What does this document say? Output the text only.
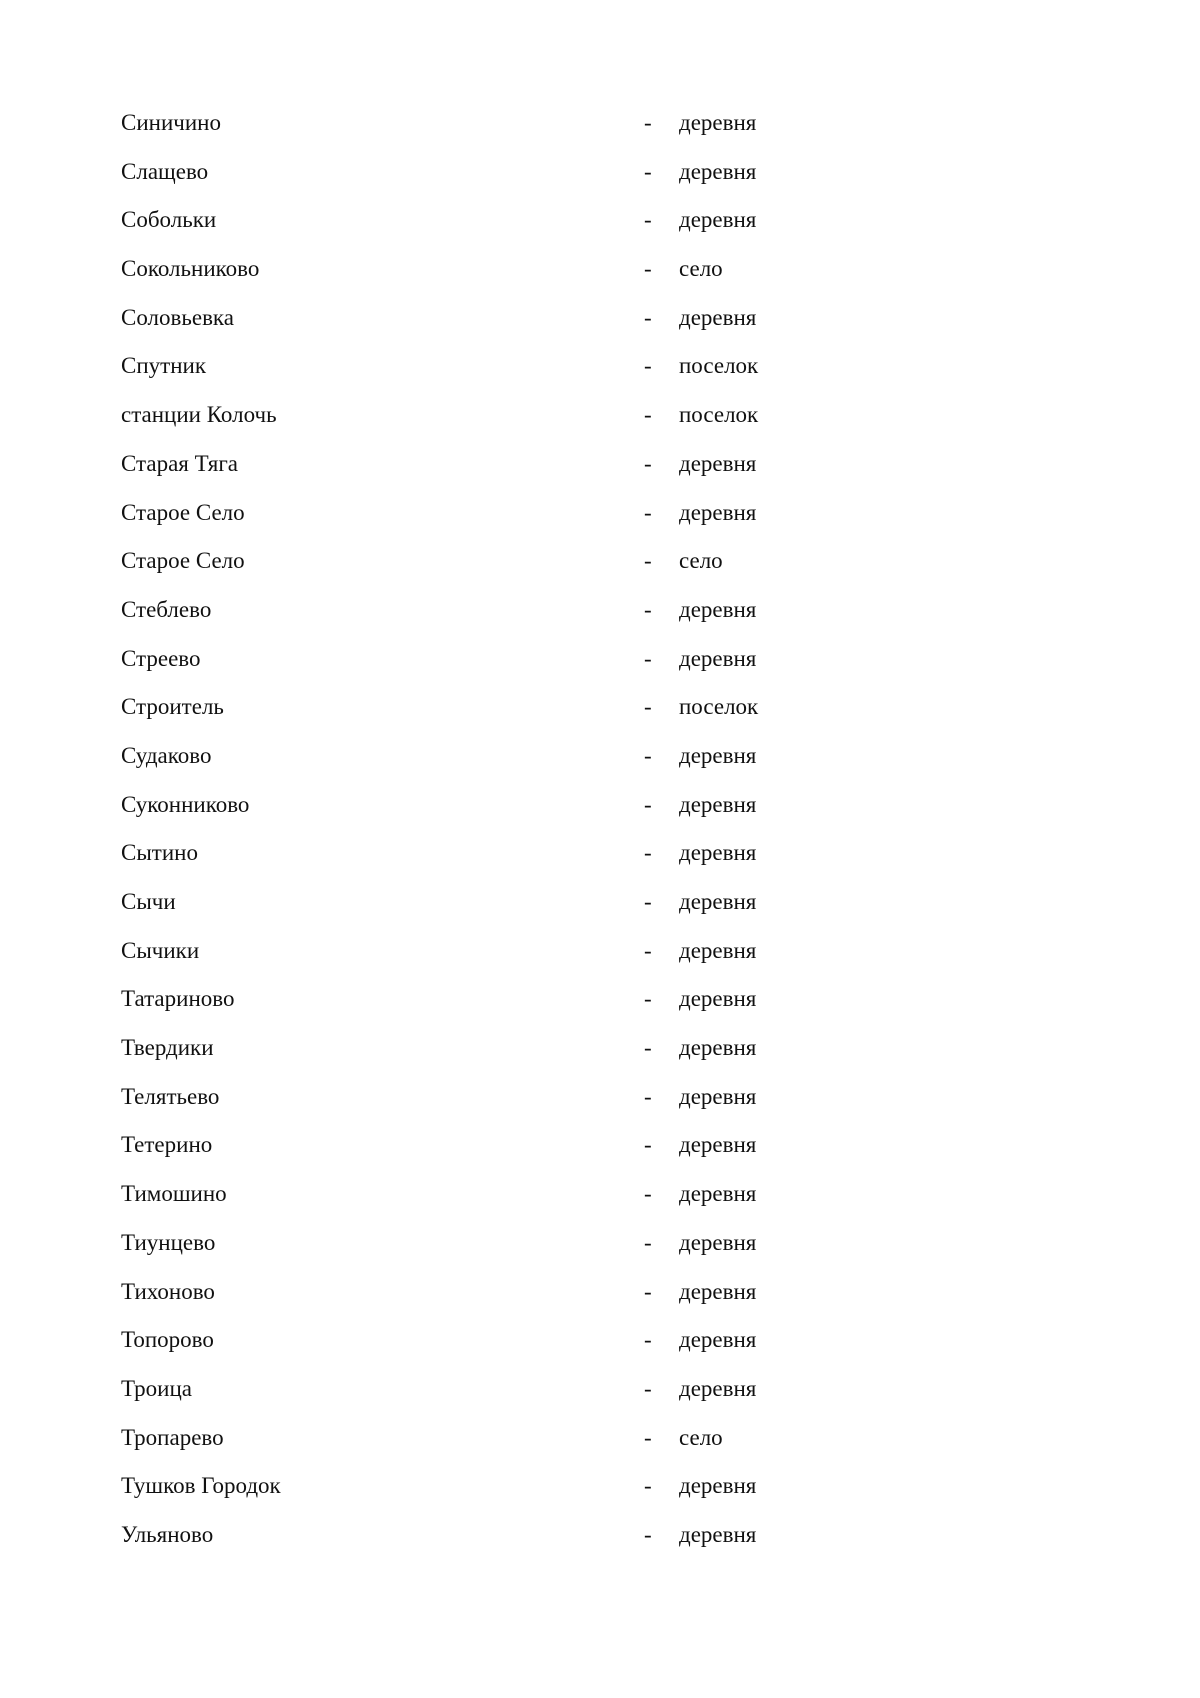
Синичино	- деревня
Слащево	- деревня
Собольки	- деревня
Сокольниково	- село
Соловьевка	- деревня
Спутник	- поселок
станции Колочь	- поселок
Старая Тяга	- деревня
Старое Село	- деревня
Старое Село	- село
Стеблево	- деревня
Стреево	- деревня
Строитель	- поселок
Судаково	- деревня
Суконниково	- деревня
Сытино	- деревня
Сычи	- деревня
Сычики	- деревня
Татариново	- деревня
Твердики	- деревня
Телятьево	- деревня
Тетерино	- деревня
Тимошино	- деревня
Тиунцево	- деревня
Тихоново	- деревня
Топорово	- деревня
Троица	- деревня
Тропарево	- село
Тушков Городок	- деревня
Ульяново	- деревня
